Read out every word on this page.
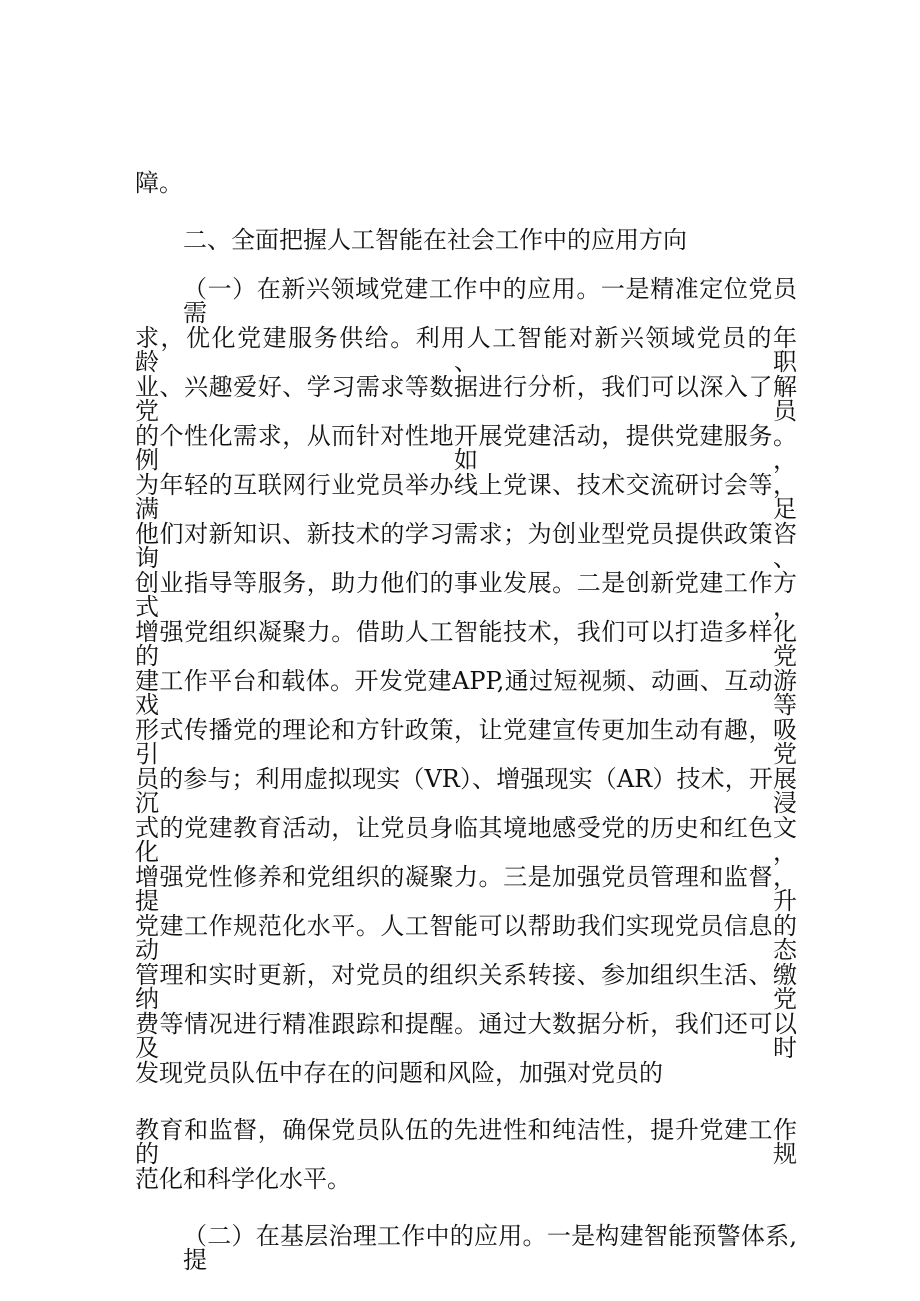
障。

二、全面把握人工智能在社会工作中的应用方向

（一）在新兴领域党建工作中的应用。一是精准定位党员需

求，优化党建服务供给。利用人工智能对新兴领域党员的年龄、职

业、兴趣爱好、学习需求等数据进行分析，我们可以深入了解党员

的个性化需求，从而针对性地开展党建活动，提供党建服务。例如，

为年轻的互联网行业党员举办线上党课、技术交流研讨会等，满足

他们对新知识、新技术的学习需求；为创业型党员提供政策咨询、

创业指导等服务，助力他们的事业发展。二是创新党建工作方式，

增强党组织凝聚力。借助人工智能技术，我们可以打造多样化的党

建工作平台和载体。开发党建APP,通过短视频、动画、互动游戏等

形式传播党的理论和方针政策，让党建宣传更加生动有趣，吸引党

员的参与；利用虚拟现实（VR）、增强现实（AR）技术，开展沉浸

式的党建教育活动，让党员身临其境地感受党的历史和红色文化，

增强党性修养和党组织的凝聚力。三是加强党员管理和监督，提升

党建工作规范化水平。人工智能可以帮助我们实现党员信息的动态

管理和实时更新，对党员的组织关系转接、参加组织生活、缴纳党

费等情况进行精准跟踪和提醒。通过大数据分析，我们还可以及时

发现党员队伍中存在的问题和风险，加强对党员的

教育和监督，确保党员队伍的先进性和纯洁性，提升党建工作的规

范化和科学化水平。

（二）在基层治理工作中的应用。一是构建智能预警体系,提
